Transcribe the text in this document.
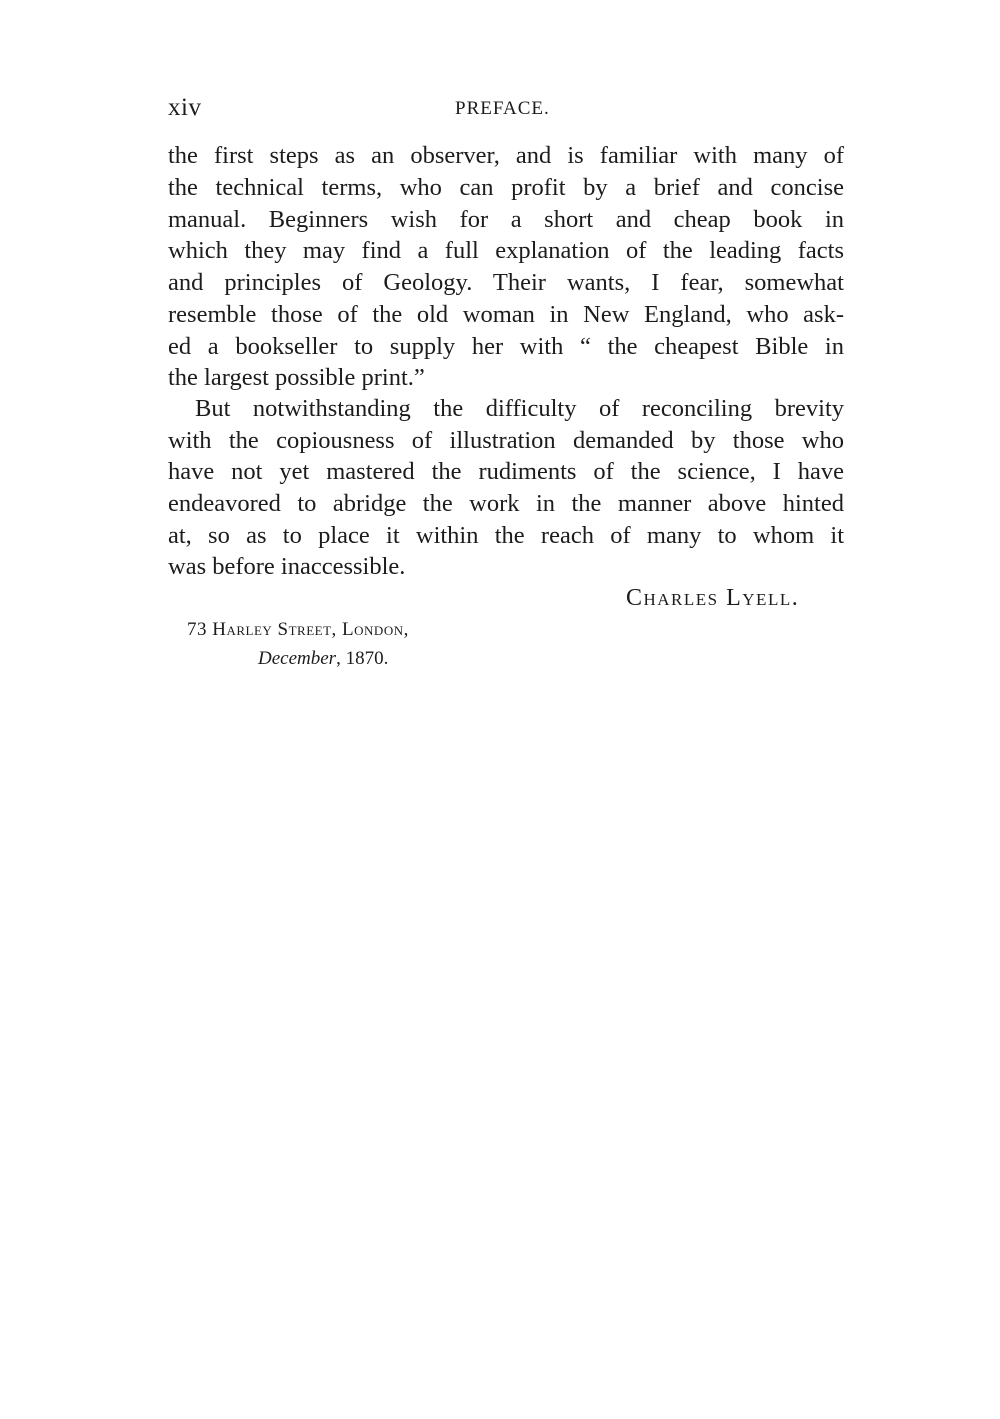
xiv	PREFACE.
the first steps as an observer, and is familiar with many of
the technical terms, who can profit by a brief and concise
manual. Beginners wish for a short and cheap book in
which they may find a full explanation of the leading facts
and principles of Geology. Their wants, I fear, somewhat
resemble those of the old woman in New England, who ask-
ed a bookseller to supply her with “ the cheapest Bible in
the largest possible print.”
But notwithstanding the difficulty of reconciling brevity
with the copiousness of illustration demanded by those who
have not yet mastered the rudiments of the science, I have
endeavored to abridge the work in the manner above hinted
at, so as to place it within the reach of many to whom it
was before inaccessible.
Charles Lyell.
73 Harley Street, London,
December, 1870.
